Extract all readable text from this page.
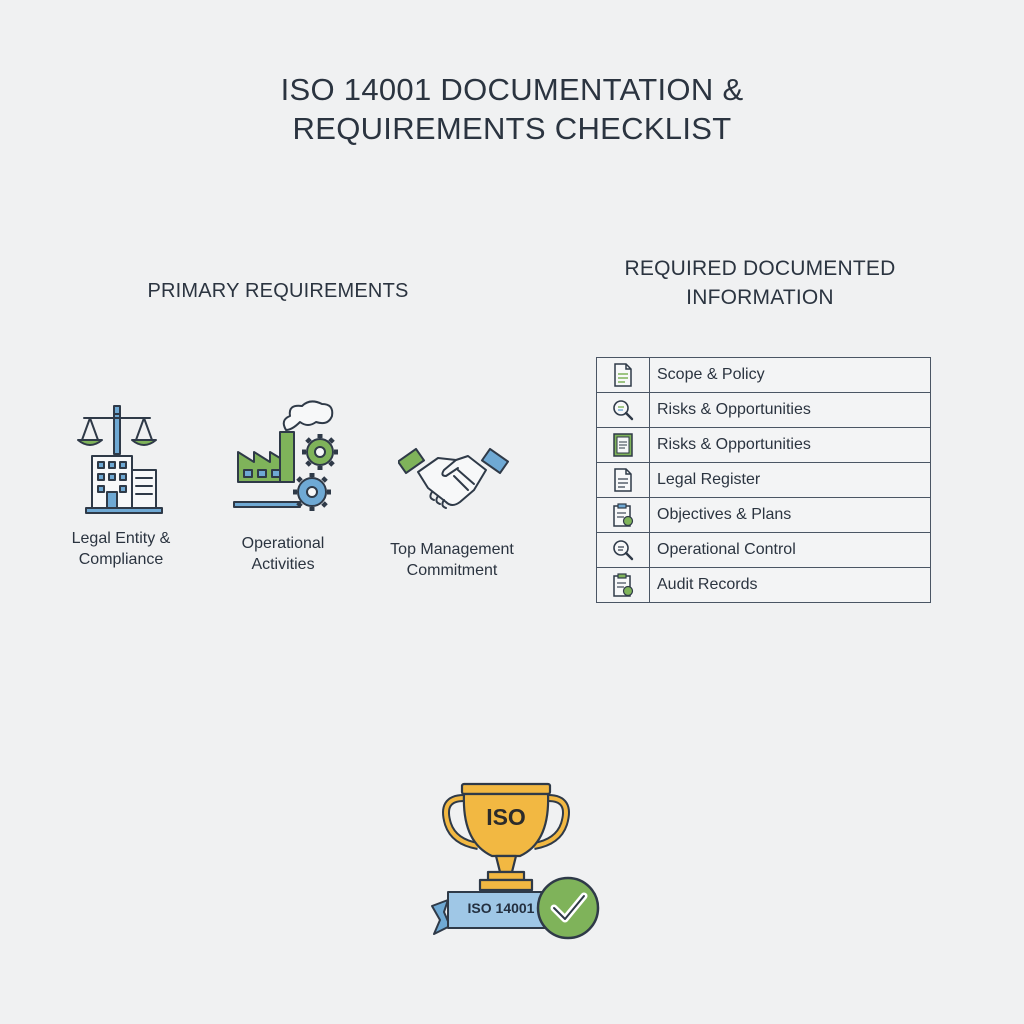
ISO 14001 DOCUMENTATION &
REQUIREMENTS CHECKLIST
PRIMARY REQUIREMENTS
REQUIRED DOCUMENTED
INFORMATION
Legal Entity &
Compliance
Operational
Activities
Top Management
Commitment
	Scope & Policy

	Risks & Opportunities

	Risks & Opportunities

	Legal Register

	Objectives & Plans

	Operational Control

	Audit Records
ISO
ISO 14001
